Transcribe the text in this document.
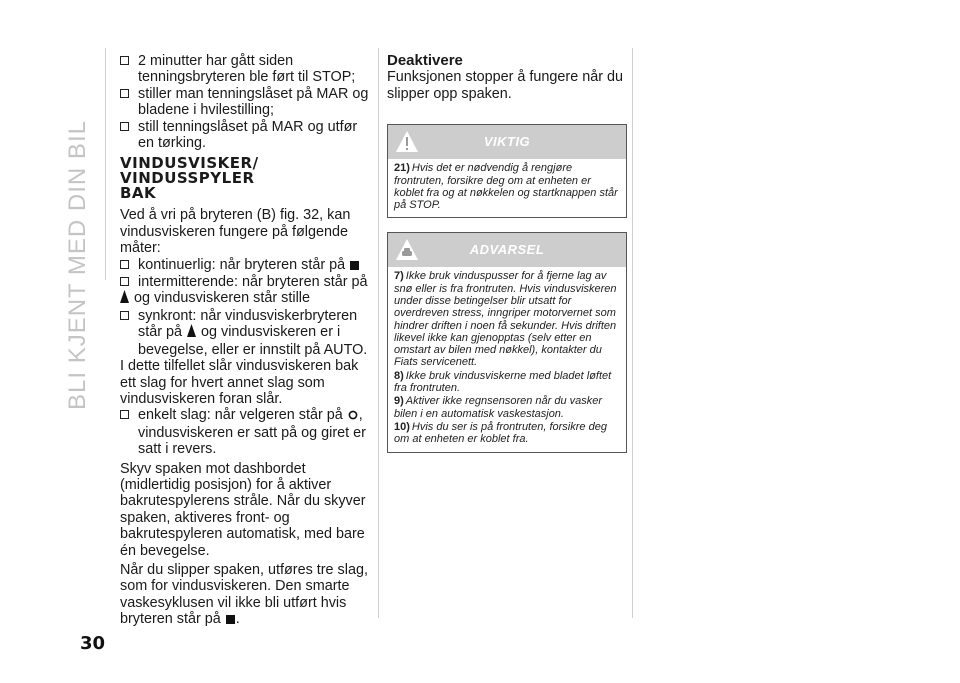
BLI KJENT MED DIN BIL
30
2 minutter har gått siden tenningsbryteren ble ført til STOP;
stiller man tenningslåset på MAR og bladene i hvilestilling;
still tenningslåset på MAR og utfør en tørking.
VINDUSVISKER/
VINDUSSPYLER
BAK

Ved å vri på bryteren (B) fig. 32, kan vindusviskeren fungere på følgende måter:

kontinuerlig: når bryteren står på
intermitterende: når bryteren står på
og vindusviskeren står stille
synkront: når vindusviskerbryteren står på og vindusviskeren er i bevegelse, eller er innstilt på AUTO.

I dette tilfellet slår vindusviskeren bak ett slag for hvert annet slag som vindusviskeren foran slår.

enkelt slag: når velgeren står på , vindusviskeren er satt på og giret er satt i revers.

Skyv spaken mot dashbordet (midlertidig posisjon) for å aktiver bakrutespylerens stråle. Når du skyver spaken, aktiveres front- og bakrutespyleren automatisk, med bare én bevegelse.

Når du slipper spaken, utføres tre slag, som for vindusviskeren. Den smarte vaskesyklusen vil ikke bli utført hvis bryteren står på .

Deaktivere

Funksjonen stopper å fungere når du slipper opp spaken.

VIKTIG

21) Hvis det er nødvendig å rengjøre frontruten, forsikre deg om at enheten er koblet fra og at nøkkelen og startknappen står på STOP.

ADVARSEL

7) Ikke bruk vinduspusser for å fjerne lag av snø eller is fra frontruten. Hvis vindusviskeren under disse betingelser blir utsatt for overdreven stress, inngriper motorvernet som hindrer driften i noen få sekunder. Hvis driften likevel ikke kan gjenopptas (selv etter en omstart av bilen med nøkkel), kontakter du Fiats servicenett.

8) Ikke bruk vindusviskerne med bladet løftet fra frontruten.

9) Aktiver ikke regnsensoren når du vasker bilen i en automatisk vaskestasjon.

10) Hvis du ser is på frontruten, forsikre deg om at enheten er koblet fra.
